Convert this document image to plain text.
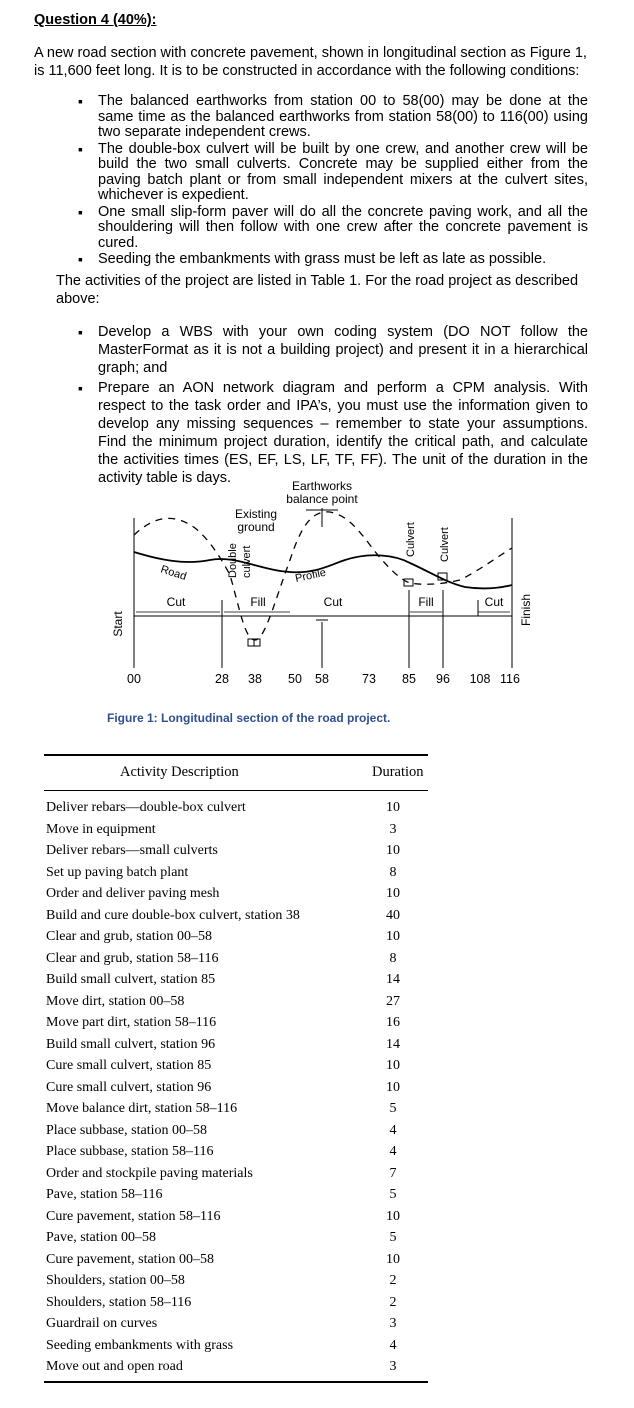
Question 4 (40%):

A new road section with concrete pavement, shown in longitudinal section as Figure 1, is 11,600 feet long. It is to be constructed in accordance with the following conditions:

▪ The balanced earthworks from station 00 to 58(00) may be done at the same time as the balanced earthworks from station 58(00) to 116(00) using two separate independent crews.
▪ The double-box culvert will be built by one crew, and another crew will be build the two small culverts. Concrete may be supplied either from the paving batch plant or from small independent mixers at the culvert sites, whichever is expedient.
▪ One small slip-form paver will do all the concrete paving work, and all the shouldering will then follow with one crew after the concrete pavement is cured.
▪ Seeding the embankments with grass must be left as late as possible.

The activities of the project are listed in Table 1. For the road project as described above:

▪ Develop a WBS with your own coding system (DO NOT follow the MasterFormat as it is not a building project) and present it in a hierarchical graph; and
▪ Prepare an AON network diagram and perform a CPM analysis. With respect to the task order and IPA’s, you must use the information given to develop any missing sequences – remember to state your assumptions. Find the minimum project duration, identify the critical path, and calculate the activities times (ES, EF, LS, LF, TF, FF). The unit of the duration in the activity table is days.	Earthworks
balance point
Existing
ground
Double culvert
Road	Profile
Cut	Fill	Cut	Fill	Cut
Culvert Culvert
Start	Finish
00	28 38 50 58	73 85 96 108 116

Figure 1: Longitudinal section of the road project.

Activity Description	Duration
Deliver rebars—double-box culvert	10
Move in equipment	3
Deliver rebars—small culverts	10
Set up paving batch plant	8
Order and deliver paving mesh	10
Build and cure double-box culvert, station 38	40
Clear and grub, station 00–58	10
Clear and grub, station 58–116	8
Build small culvert, station 85	14
Move dirt, station 00–58	27
Move part dirt, station 58–116	16
Build small culvert, station 96	14
Cure small culvert, station 85	10
Cure small culvert, station 96	10
Move balance dirt, station 58–116	5
Place subbase, station 00–58	4
Place subbase, station 58–116	4
Order and stockpile paving materials	7
Pave, station 58–116	5
Cure pavement, station 58–116	10
Pave, station 00–58	5
Cure pavement, station 00–58	10
Shoulders, station 00–58	2
Shoulders, station 58–116	2
Guardrail on curves	3
Seeding embankments with grass	4
Move out and open road	3
